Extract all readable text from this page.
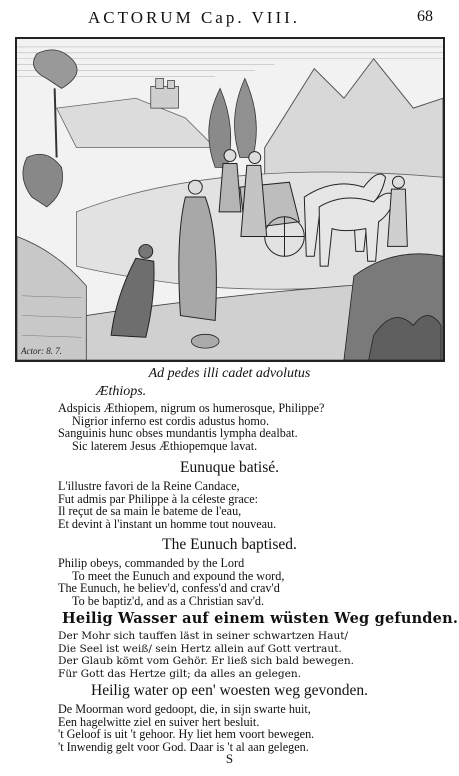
ACTORUM Cap. VIII.	68
Actor: 8. 7.
Ad pedes illi cadet advolutus
Æthiops.
Adspicis Æthiopem, nigrum os humerosque, Philippe?
Nigrior inferno est cordis adustus homo.
Sanguinis hunc obses mundantis lympha dealbat.
Sic laterem Jesus Æthiopemque lavat.
Eunuque batisé.
L'illustre favori de la Reine Candace,
Fut admis par Philippe à la céleste grace:
Il reçut de sa main le bateme de l'eau,
Et devint à l'instant un homme tout nouveau.
The Eunuch baptised.
Philip obeys, commanded by the Lord
To meet the Eunuch and expound the word,
The Eunuch, he believ'd, confess'd and crav'd
To be baptiz'd, and as a Christian sav'd.
Heilig Wasser auf einem wüsten Weg gefunden.
Der Mohr sich tauffen läst in seiner schwartzen Haut/
Die Seel ist weiß/ sein Hertz allein auf Gott vertraut.
Der Glaub kömt vom Gehör. Er ließ sich bald bewegen.
Für Gott das Hertze gilt; da alles an gelegen.
Heilig water op een' woesten weg gevonden.
De Moorman word gedoopt, die, in sijn swarte huit,
Een hagelwitte ziel en suiver hert besluit.
't Geloof is uit 't gehoor. Hy liet hem voort bewegen.
't Inwendig gelt voor God. Daar is 't al aan gelegen.
S
